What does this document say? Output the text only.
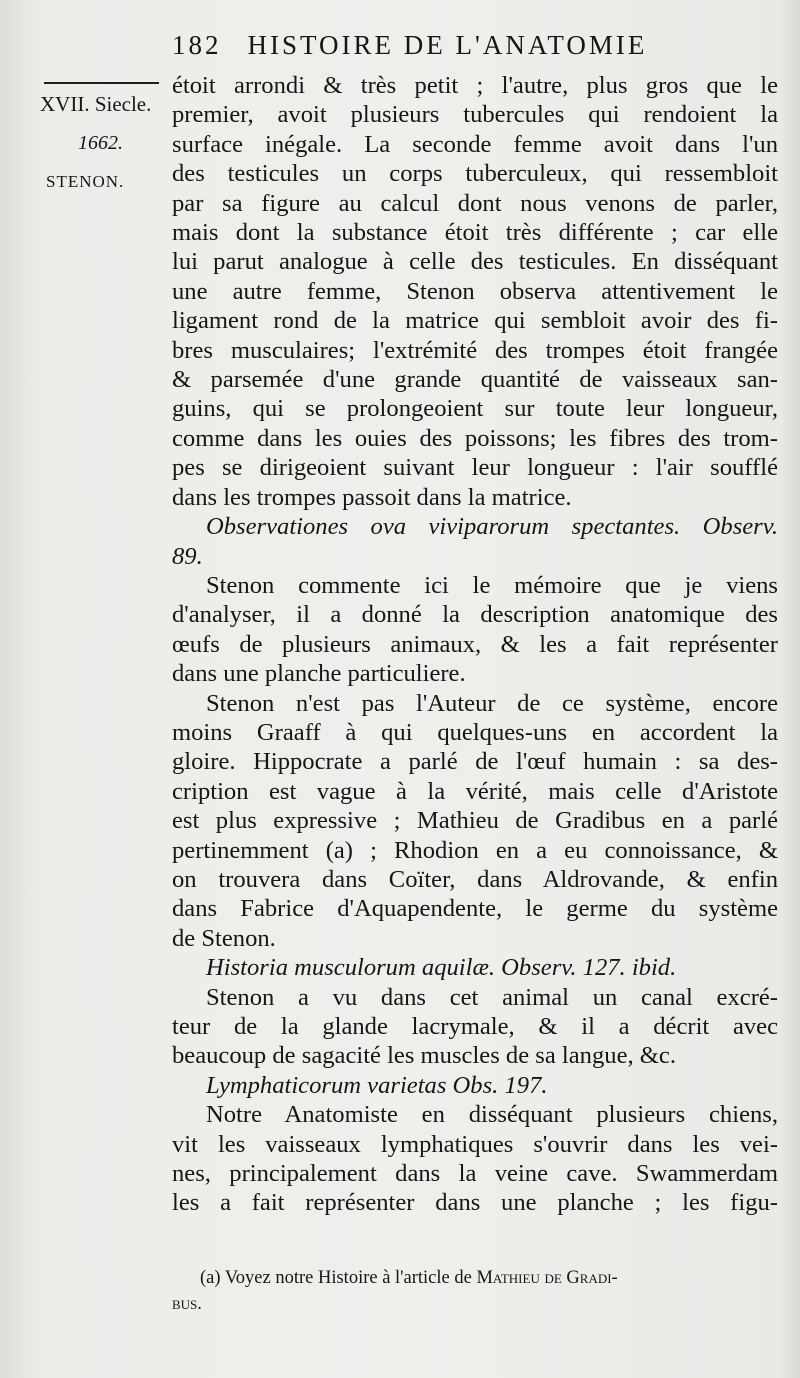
182 HISTOIRE DE L'ANATOMIE
XVII. Siecle.
1662.
STENON.
étoit arrondi & très petit ; l'autre, plus gros que le
premier, avoit plusieurs tubercules qui rendoient la
surface inégale. La seconde femme avoit dans l'un
des testicules un corps tuberculeux, qui ressembloit
par sa figure au calcul dont nous venons de parler,
mais dont la substance étoit très différente ; car elle
lui parut analogue à celle des testicules. En disséquant
une autre femme, Stenon observa attentivement le
ligament rond de la matrice qui sembloit avoir des fi-
bres musculaires; l'extrémité des trompes étoit frangée
& parsemée d'une grande quantité de vaisseaux san-
guins, qui se prolongeoient sur toute leur longueur,
comme dans les ouies des poissons; les fibres des trom-
pes se dirigeoient suivant leur longueur : l'air soufflé
dans les trompes passoit dans la matrice.
Observationes ova viviparorum spectantes. Observ.
89.
Stenon commente ici le mémoire que je viens
d'analyser, il a donné la description anatomique des
œufs de plusieurs animaux, & les a fait représenter
dans une planche particuliere.
Stenon n'est pas l'Auteur de ce système, encore
moins Graaff à qui quelques-uns en accordent la
gloire. Hippocrate a parlé de l'œuf humain : sa des-
cription est vague à la vérité, mais celle d'Aristote
est plus expressive ; Mathieu de Gradibus en a parlé
pertinemment (a) ; Rhodion en a eu connoissance, &
on trouvera dans Coïter, dans Aldrovande, & enfin
dans Fabrice d'Aquapendente, le germe du système
de Stenon.
Historia musculorum aquilæ. Observ. 127. ibid.
Stenon a vu dans cet animal un canal excré-
teur de la glande lacrymale, & il a décrit avec
beaucoup de sagacité les muscles de sa langue, &c.
Lymphaticorum varietas Obs. 197.
Notre Anatomiste en disséquant plusieurs chiens,
vit les vaisseaux lymphatiques s'ouvrir dans les vei-
nes, principalement dans la veine cave. Swammerdam
les a fait représenter dans une planche ; les figu-
(a) Voyez notre Histoire à l'article de Mathieu de Gradi-
bus.
